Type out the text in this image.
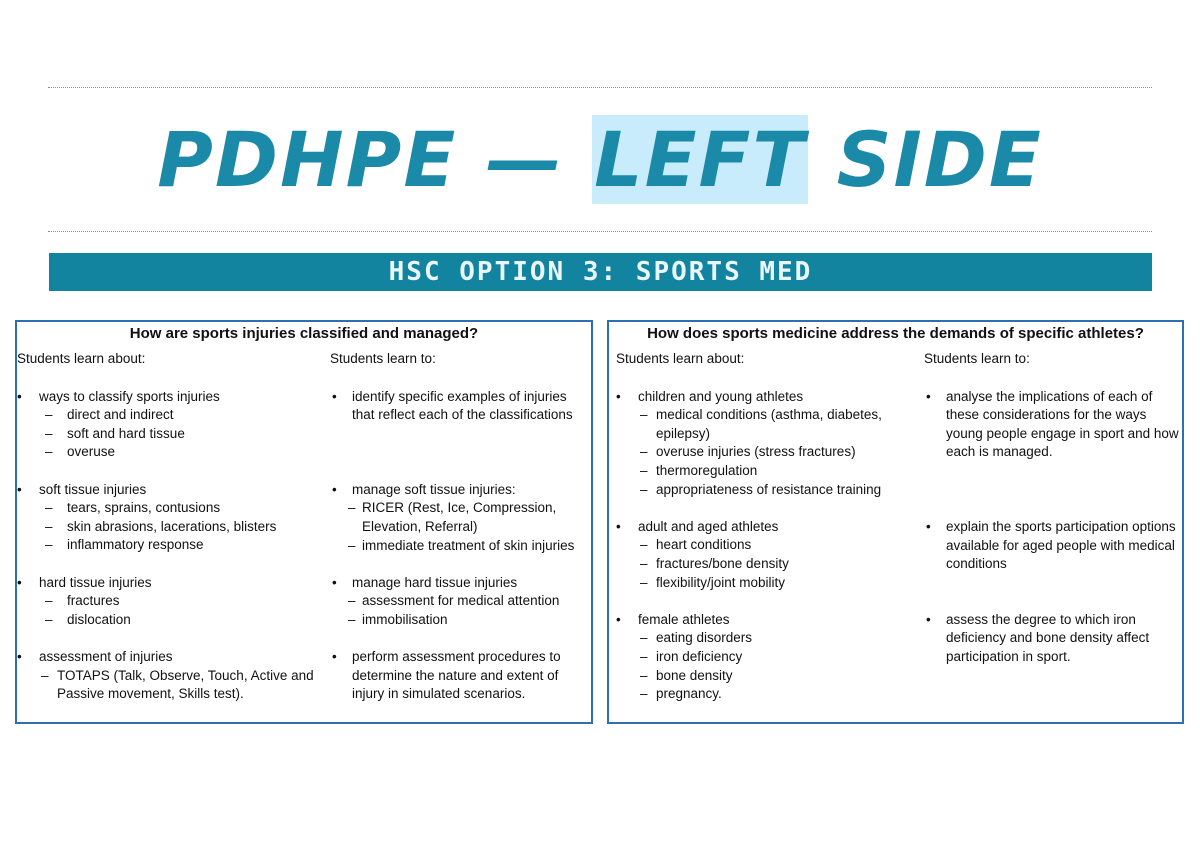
PDHPE — LEFT SIDE
HSC OPTION 3: SPORTS MED
How are sports injuries classified and managed?
Students learn about:
• ways to classify sports injuries
– direct and indirect
– soft and hard tissue
– overuse
• soft tissue injuries
– tears, sprains, contusions
– skin abrasions, lacerations, blisters
– inflammatory response
• hard tissue injuries
– fractures
– dislocation
• assessment of injuries
– TOTAPS (Talk, Observe, Touch, Active and Passive movement, Skills test).
Students learn to:
• identify specific examples of injuries that reflect each of the classifications
• manage soft tissue injuries:
– RICER (Rest, Ice, Compression, Elevation, Referral)
– immediate treatment of skin injuries
• manage hard tissue injuries
– assessment for medical attention
– immobilisation
• perform assessment procedures to determine the nature and extent of injury in simulated scenarios.
How does sports medicine address the demands of specific athletes?
Students learn about:
• children and young athletes
– medical conditions (asthma, diabetes, epilepsy)
– overuse injuries (stress fractures)
– thermoregulation
– appropriateness of resistance training
• adult and aged athletes
– heart conditions
– fractures/bone density
– flexibility/joint mobility
• female athletes
– eating disorders
– iron deficiency
– bone density
– pregnancy.
Students learn to:
• analyse the implications of each of these considerations for the ways young people engage in sport and how each is managed.
• explain the sports participation options available for aged people with medical conditions
• assess the degree to which iron deficiency and bone density affect participation in sport.
